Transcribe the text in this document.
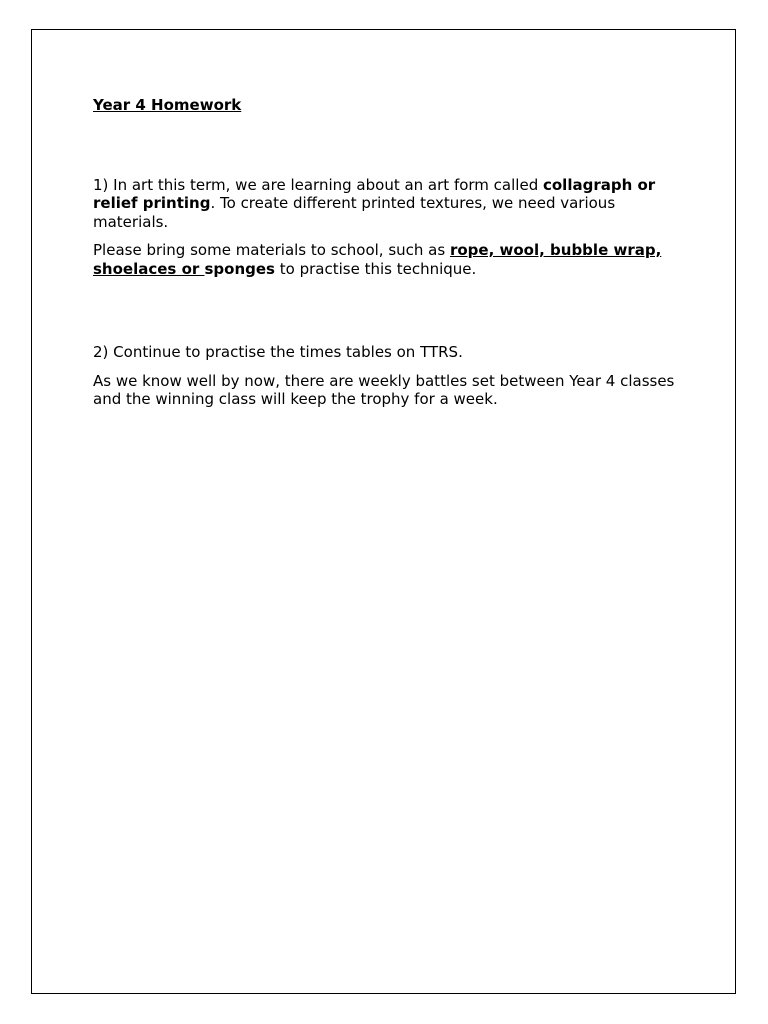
Year 4 Homework

1) In art this term, we are learning about an art form called collagraph or relief printing. To create different printed textures, we need various materials.

Please bring some materials to school, such as rope, wool, bubble wrap, shoelaces or sponges to practise this technique.

2) Continue to practise the times tables on TTRS.

As we know well by now, there are weekly battles set between Year 4 classes and the winning class will keep the trophy for a week.
